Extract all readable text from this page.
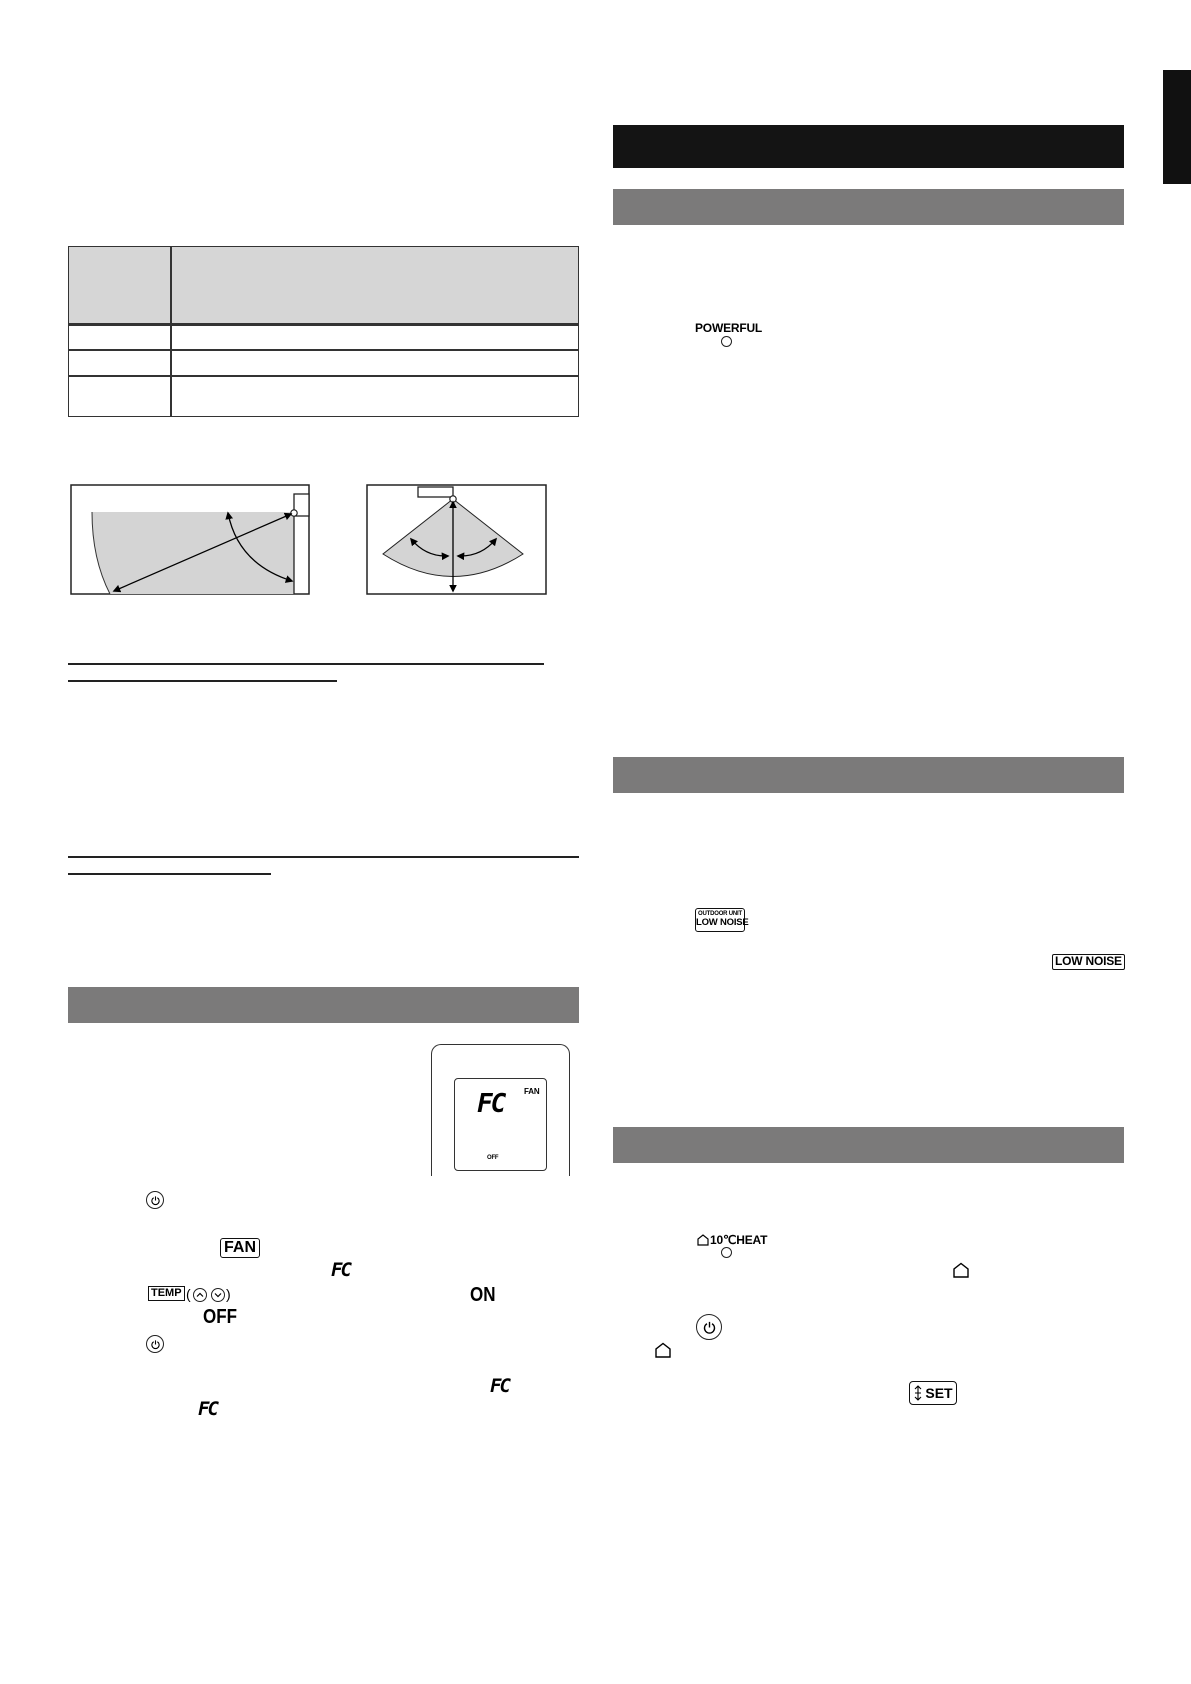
FC FAN
OFF
FAN
FC
TEMP (	)	ON
OFF
FC
FC
POWERFUL
OUTDOOR UNIT
LOW NOISE
LOW NOISE
10℃HEAT
SET
